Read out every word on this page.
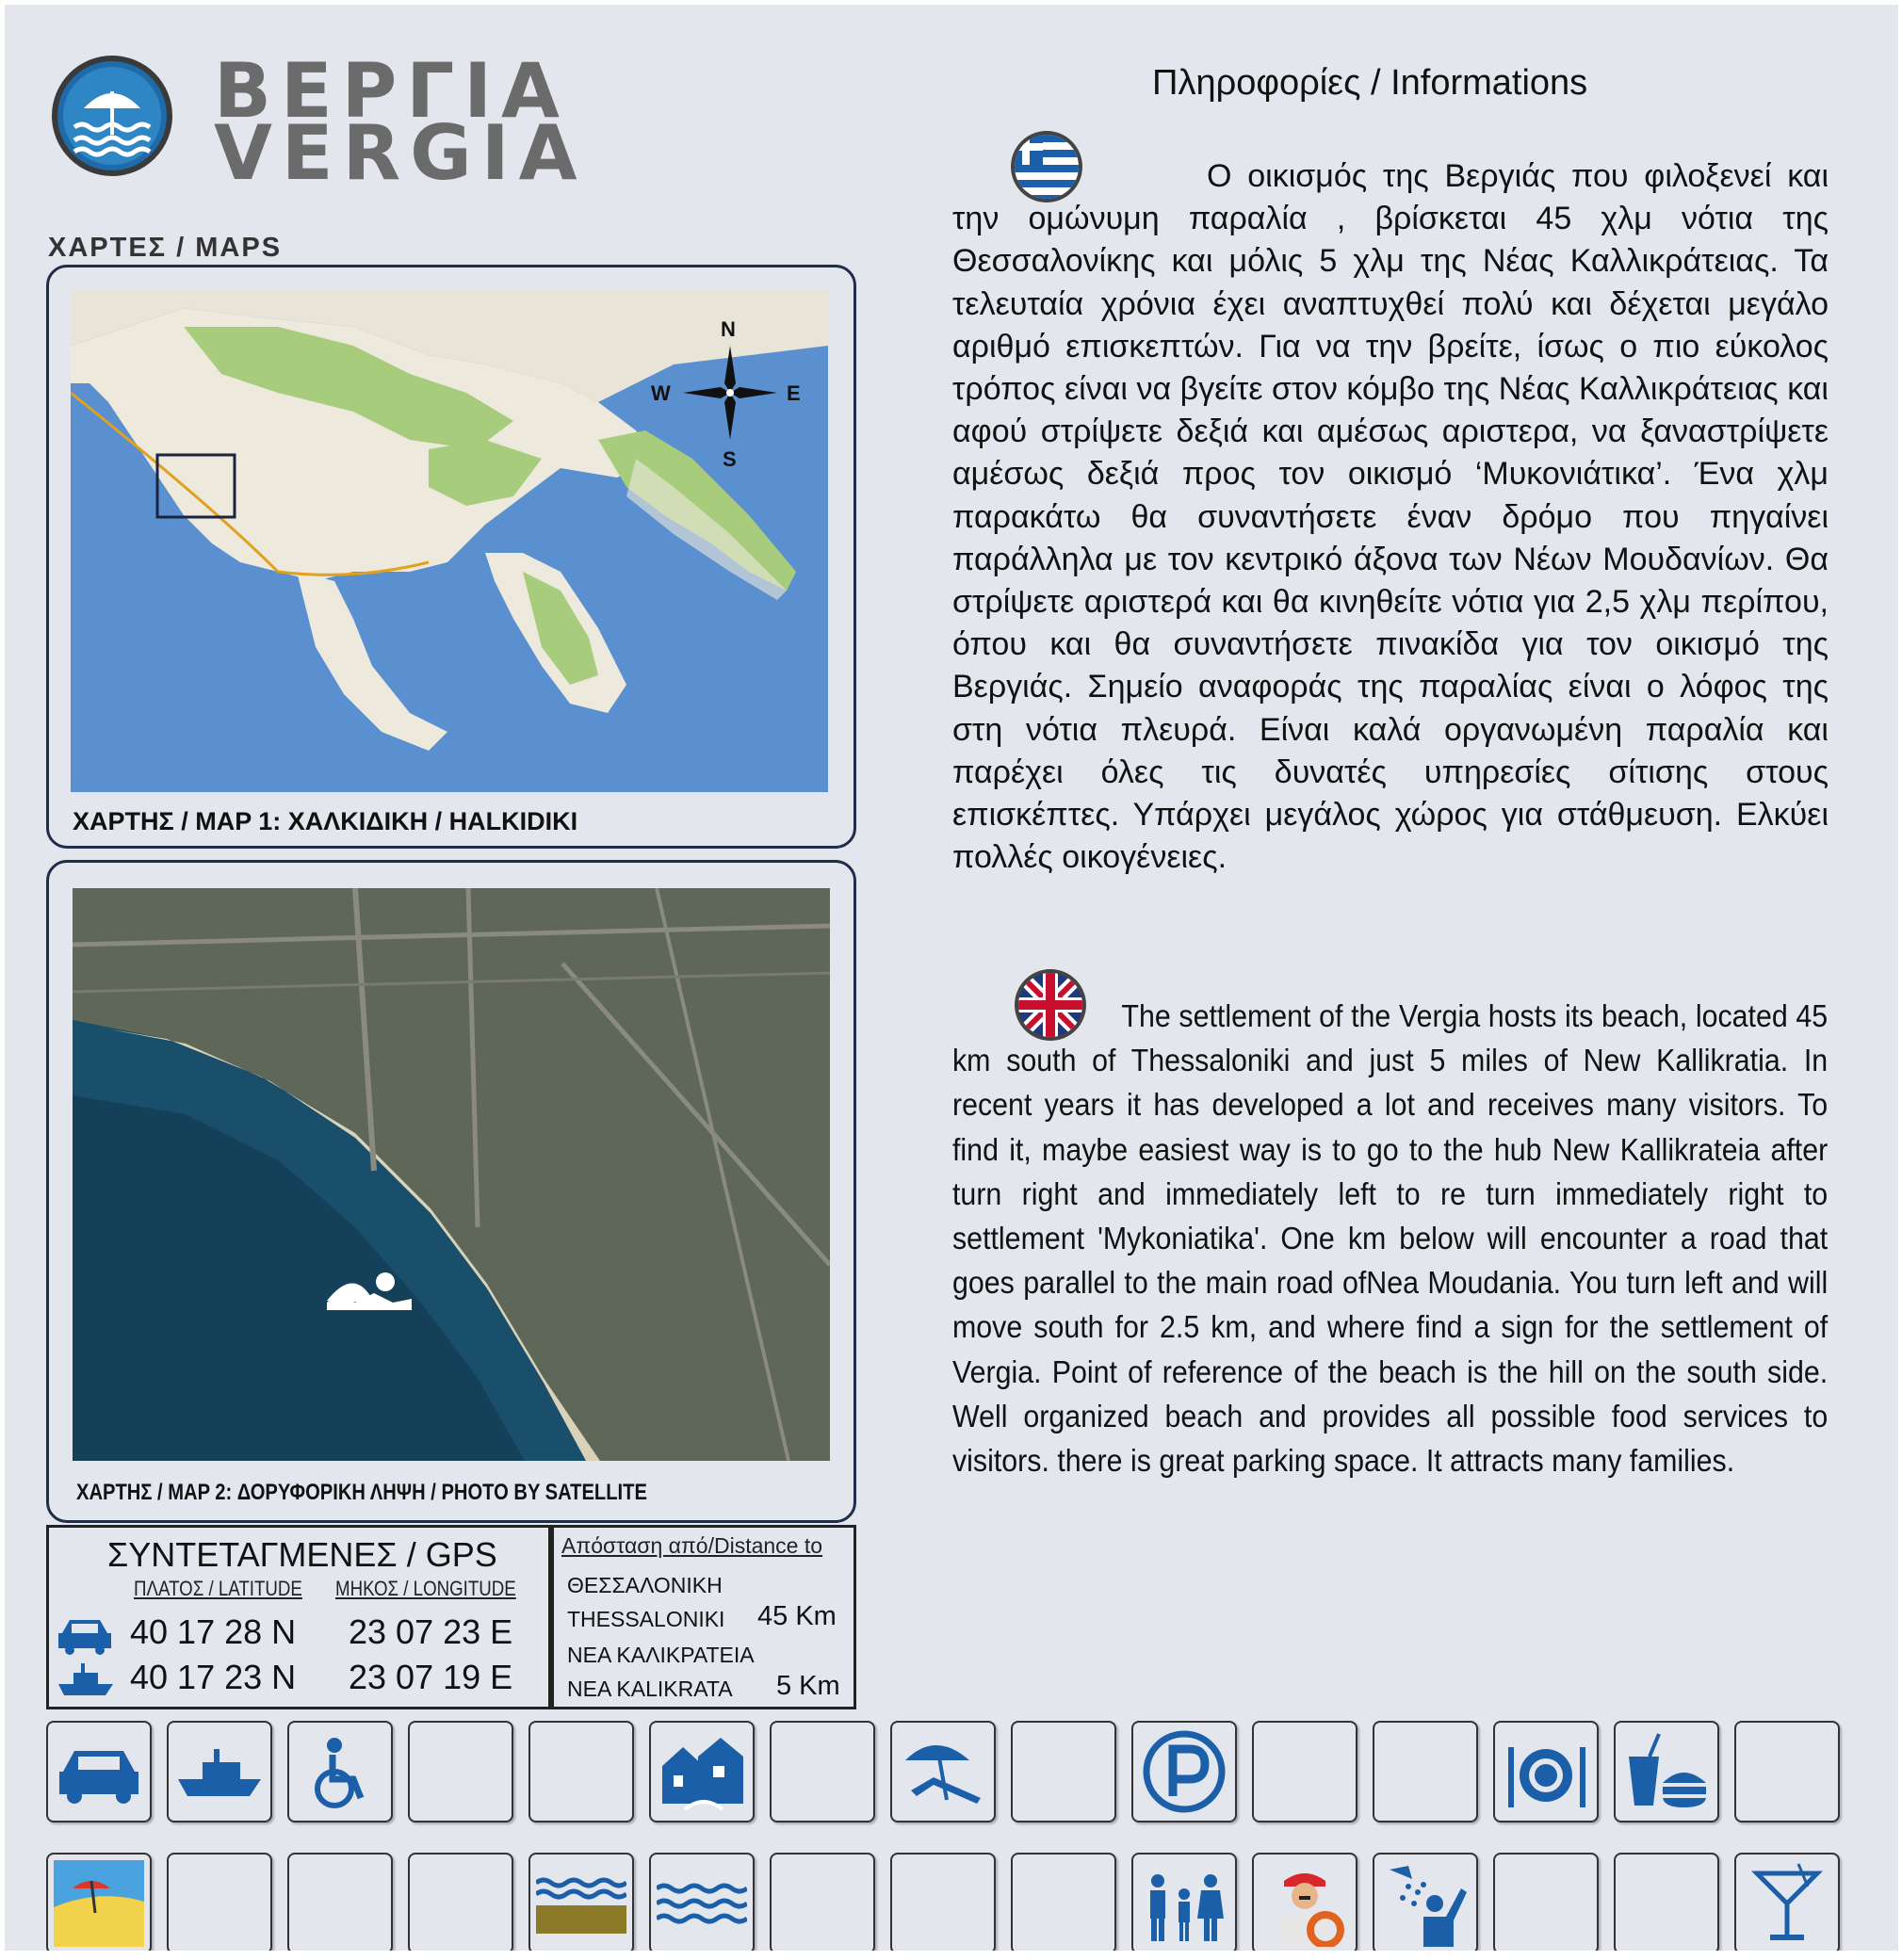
ΒΕΡΓΙΑ
VERGIA
ΧΑΡΤΕΣ / MAPS
N
S
W	E
ΧΑΡΤΗΣ / MAP 1: ΧΑΛΚΙΔΙΚΗ / HALKIDIKI
ΧΑΡΤΗΣ / MAP 2: ΔΟΡΥΦΟΡΙΚΗ ΛΗΨΗ / PHOTO BY SATELLITE
ΣΥΝΤΕΤΑΓΜΕΝΕΣ / GPS
ΠΛΑΤΟΣ / LATITUDE ΜΗΚΟΣ / LONGITUDE
40 17 28 N 23 07 23 E
40 17 23 N 23 07 19 E
Απόσταση από/Distance to
ΘΕΣΣΑΛΟΝΙΚΗ
THESSALONIKI 45 Km
ΝΕΑ ΚΑΛΙΚΡΑΤΕΙΑ
ΝΕΑ KALIKRATA 5 Km
Πληροφορίες / Informations
Ο οικισμός της Βεργιάς που φιλοξενεί και την ομώνυμη παραλία , βρίσκεται 45 χλμ νότια της Θεσσαλονίκης και μόλις 5 χλμ της Νέας Καλλικράτειας. Τα τελευταία χρόνια έχει αναπτυχθεί πολύ και δέχεται μεγάλο αριθμό επισκεπτών. Για να την βρείτε, ίσως ο πιο εύκολος τρόπος είναι να βγείτε στον κόμβο της Νέας Καλλικράτειας και αφού στρίψετε δεξιά και αμέσως αριστερα, να ξαναστρίψετε αμέσως δεξιά προς τον οικισμό ‘Μυκονιάτικα’. Ένα χλμ παρακάτω θα συναντήσετε έναν δρόμο που πηγαίνει παράλληλα με τον κεντρικό άξονα των Νέων Μουδανίων. Θα στρίψετε αριστερά και θα κινηθείτε νότια για 2,5 χλμ περίπου, όπου και θα συναντήσετε πινακίδα για τον οικισμό της Βεργιάς. Σημείο αναφοράς της παραλίας είναι ο λόφος της στη νότια πλευρά. Είναι καλά οργανωμένη παραλία και παρέχει όλες τις δυνατές υπηρεσίες σίτισης στους επισκέπτες. Υπάρχει μεγάλος χώρος για στάθμευση. Ελκύει πολλές οικογένειες.
The settlement of the Vergia hosts its beach, located 45 km south of Thessaloniki and just 5 miles of New Kallikratia. In recent years it has developed a lot and receives many visitors. To find it, maybe easiest way is to go to the hub New Kallikrateia after turn right and immediately left to re turn immediately right to settlement 'Mykoniatika'. One km below will encounter a road that goes parallel to the main road ofNea Moudania. You turn left and will move south for 2.5 km, and where find a sign for the settlement of Vergia. Point of reference of the beach is the hill on the south side. Well organized beach and provides all possible food services to visitors. there is great parking space. It attracts many families.
